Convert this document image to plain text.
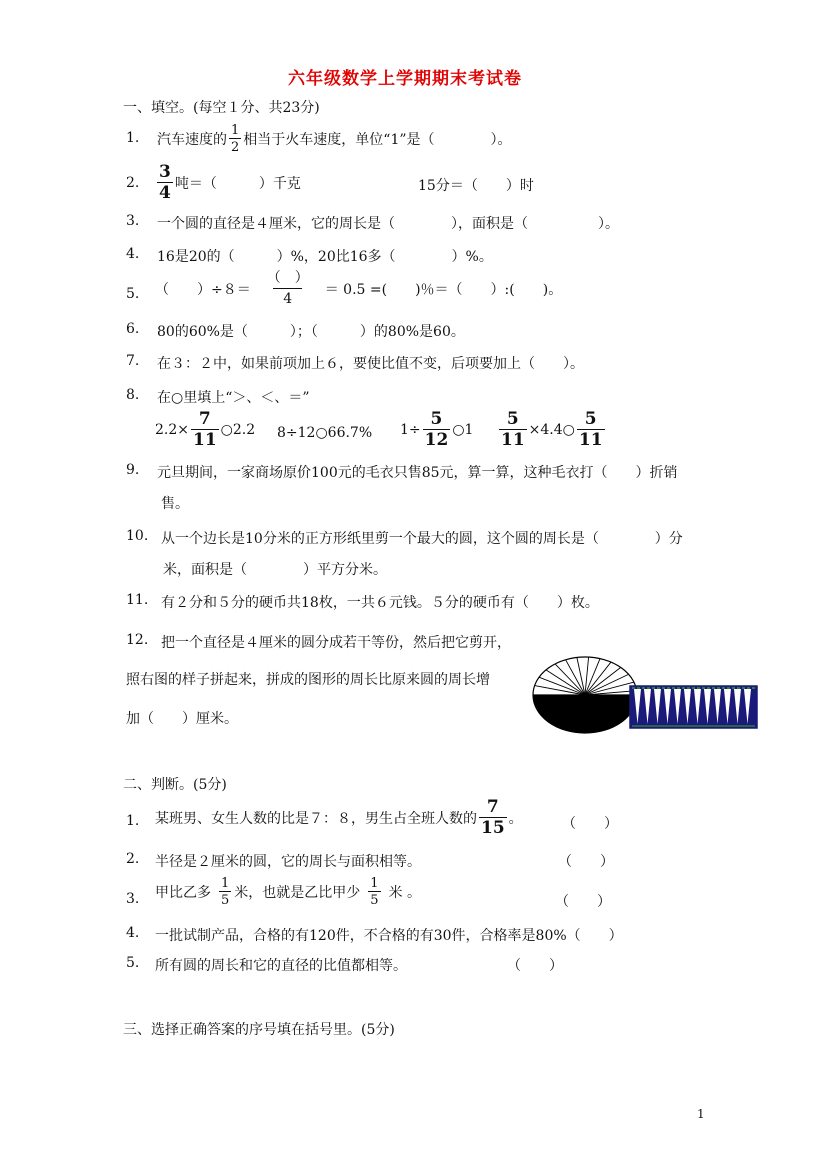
六年级数学上学期期末考试卷
一、填空。(每空１分、共23分)
1. 汽车速度的 $\frac{1}{2}$ 相当于火车速度，单位“1”是（　　　　）。
2. $\frac{3}{4}$ 吨＝（　　　）千克	15分＝（　　）时
3. 一个圆的直径是４厘米，它的周长是（　　　　），面积是（　　　　　）。
4. 16是20的（　　　）%，20比16多（　　　　）%。
5. （　　）$\div 8= \frac{( )}{4} = 0.5$ =(　　)％＝（　　）:(　　)。
6. 80的60%是（　　　）；（　　　）的80%是60。
7. 在３：２中，如果前项加上６，要使比值不变，后项要加上（　　）。
8. 在○里填上“＞、＜、＝”
$2.2\times \frac{7}{11}$ ○2.2 8÷12○66.7% $1\div \frac{5}{12}$ ○1 $\frac{5}{11}$ ×4.4○ $\frac{5}{11}$
9. 元旦期间，一家商场原价100元的毛衣只售85元，算一算，这种毛衣打（　　）折销
售。
10. 从一个边长是10分米的正方形纸里剪一个最大的圆，这个圆的周长是（　　　　）分
米，面积是（　　　　）平方分米。
11. 有２分和５分的硬币共18枚，一共６元钱。５分的硬币有（　　）枚。
12. 把一个直径是４厘米的圆分成若干等份，然后把它剪开，
照右图的样子拼起来，拼成的图形的周长比原来圆的周长增
加（　　）厘米。
二、判断。(5分)
1. 某班男、女生人数的比是７：８，男生占全班人数的 $\frac{7}{15}$ 。	（　　）
2. 半径是２厘米的圆，它的周长与面积相等。	（　　）
3. 甲比乙多 $\frac{1}{5}$ 米，也就是乙比甲少 $\frac{1}{5}$ 米 。
（　　）
4. 一批试制产品，合格的有120件，不合格的有30件，合格率是80%（　　）
5. 所有圆的周长和它的直径的比值都相等。	（　　）
三、选择正确答案的序号填在括号里。(5分)
1
